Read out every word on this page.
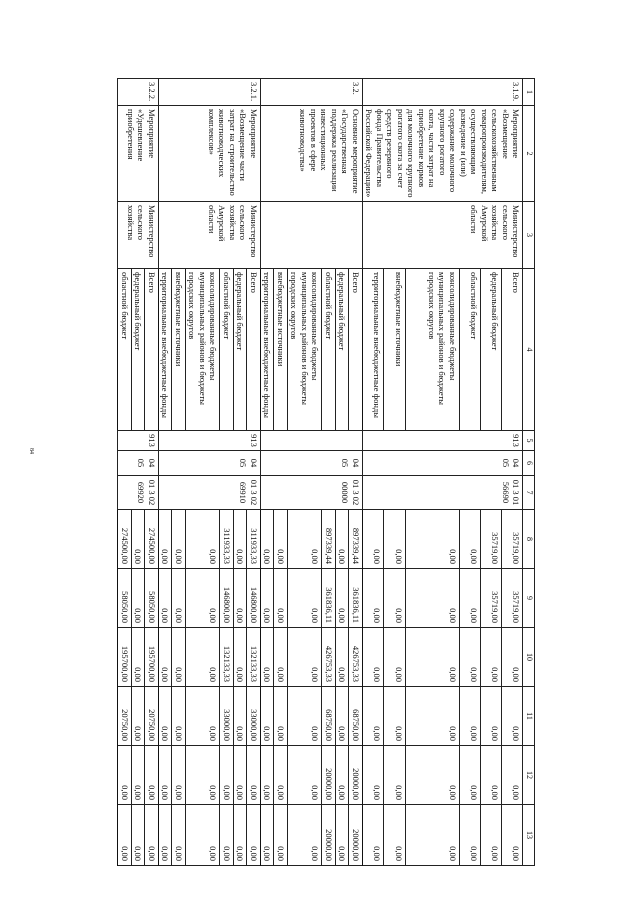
84
1	2	3	4	5	6	7	8	9	10	11	12	13
3.1.9.	Мероприятие «Возмещение сельскохозяйственным товаропроизводителям, осуществляющим разведение и (или) содержание молочного крупного рогатого скота, части затрат на приобретение кормов для молочного крупного рогатого скота за счет средств резервного фонда Правительства Российской Федерации»	Министерство сельского хозяйства Амурской области	Всего	913	04 05	01 3 01 56690	35719,00	35719,00	0,00	0,00	0,00	0,00
			федеральный бюджет				35719,00	35719,00	0,00	0,00	0,00	0,00
			областной бюджет				0,00	0,00	0,00	0,00	0,00	0,00
			консолидированные бюджеты муниципальных районов и бюджеты городских округов				0,00	0,00	0,00	0,00	0,00	0,00
			внебюджетные источники				0,00	0,00	0,00	0,00	0,00	0,00
			территориальные внебюджетные фонды				0,00	0,00	0,00	0,00	0,00	0,00
3.2.	Основное мероприятие «Государственная поддержка реализации инвестиционных проектов в сфере животноводства»		Всего		04 05	01 3 02 00000	897339,44	361836,11	426753,33	68750,00	20000,00	20000,00
			федеральный бюджет				0,00	0,00	0,00	0,00	0,00	0,00
			областной бюджет				897339,44	361836,11	426753,33	68750,00	20000,00	20000,00
			консолидированные бюджеты муниципальных районов и бюджеты городских округов				0,00	0,00	0,00	0,00	0,00	0,00
			внебюджетные источники				0,00	0,00	0,00	0,00	0,00	0,00
			территориальные внебюджетные фонды				0,00	0,00	0,00	0,00	0,00	0,00
3.2.1.	Мероприятие «Возмещение части затрат на строительство животноводческих комплексов»	Министерство сельского хозяйства Амурской области	Всего	913	04 05	01 3 02 69910	311933,33	146800,00	132133,33	33000,00	0,00	0,00
			федеральный бюджет				0,00	0,00	0,00	0,00	0,00	0,00
			областной бюджет				311933,33	146800,00	132133,33	33000,00	0,00	0,00
			консолидированные бюджеты муниципальных районов и бюджеты городских округов				0,00	0,00	0,00	0,00	0,00	0,00
			внебюджетные источники				0,00	0,00	0,00	0,00	0,00	0,00
			территориальные внебюджетные фонды				0,00	0,00	0,00	0,00	0,00	0,00
3.2.2.	Мероприятие «Удешевление приобретения	Министерство сельского хозяйства	Всего	913	04 05	01 3 02 69920	274500,00	58050,00	195700,00	20750,00	0,00	0,00
			федеральный бюджет				0,00	0,00	0,00	0,00	0,00	0,00
			областной бюджет				274500,00	58050,00	195700,00	20750,00	0,00	0,00
